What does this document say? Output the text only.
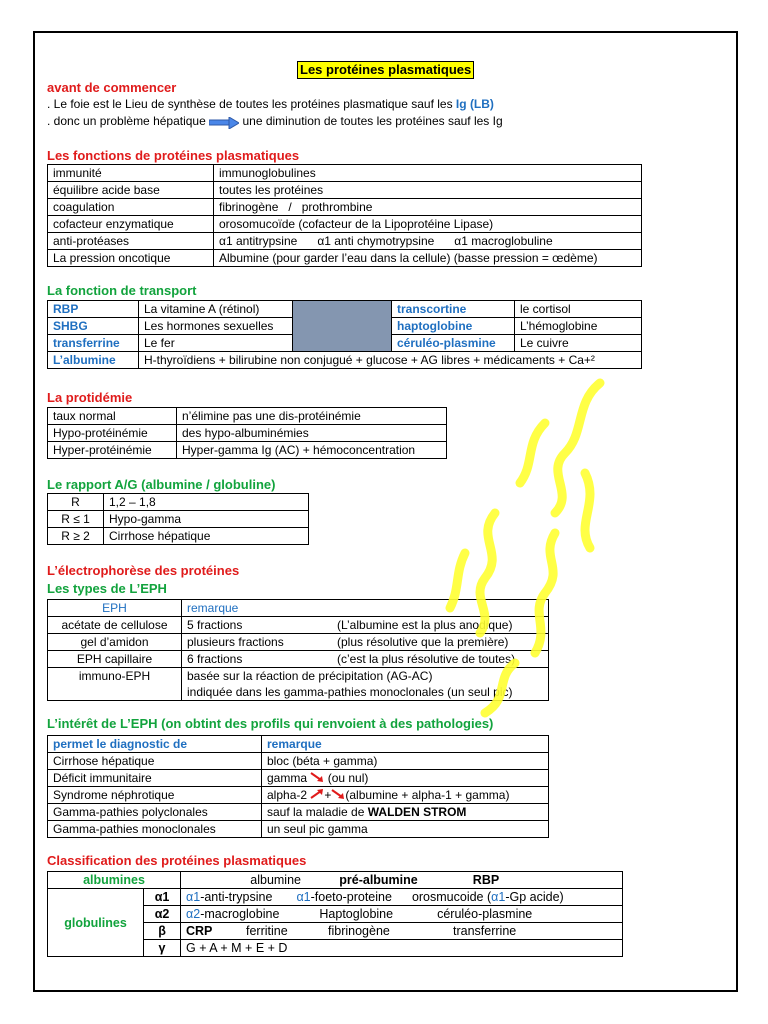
Les protéines plasmatiques
avant de commencer
. Le foie est le Lieu de synthèse de toutes les protéines plasmatique sauf les Ig (LB)
. donc un problème hépatique	une diminution de toutes les protéines sauf les Ig
Les fonctions de protéines plasmatiques
immunité	immunoglobulines
équilibre acide base	toutes les protéines
coagulation	fibrinogène   /   prothrombine
cofacteur enzymatique	orosomucoïde (cofacteur de la Lipoprotéine Lipase)
anti-protéases	α1 antitrypsine      α1 anti chymotrypsine      α1 macroglobuline
La pression oncotique	Albumine (pour garder l’eau dans la cellule) (basse pression = œdème)
La fonction de transport
RBP	La vitamine A (rétinol)		transcortine	le cortisol
SHBG	Les hormones sexuelles		haptoglobine	L’hémoglobine
transferrine	Le fer		céruléo-plasmine	Le cuivre
L’albumine	H-thyroïdiens + bilirubine non conjugué + glucose + AG libres + médicaments + Ca+²			
La protidémie
taux normal	n’élimine pas une dis-protéinémie
Hypo-protéinémie	des hypo-albuminémies
Hyper-protéinémie	Hyper-gamma Ig (AC) + hémoconcentration
Le rapport A/G (albumine / globuline)
R	1,2 – 1,8
R ≤ 1	Hypo-gamma
R ≥ 2	Cirrhose hépatique
L’électrophorèse des protéines
Les types de L’EPH
EPH	remarque	
acétate de cellulose	5 fractions	(L’albumine est la plus anodique)
gel d’amidon	plusieurs fractions	(plus résolutive que la première)
EPH capillaire	6 fractions	(c’est la plus résolutive de toutes)
immuno-EPH	basée sur la réaction de précipitation (AG-AC)
indiquée dans les gamma-pathies monoclonales (un seul pic)	
L’intérêt de L’EPH (on obtint des profils qui renvoient à des pathologies)
permet le diagnostic de	remarque
Cirrhose hépatique	bloc (béta + gamma)
Déficit immunitaire	gamma (ou nul)
Syndrome néphrotique	alpha-2 + (albumine + alpha-1 + gamma)
Gamma-pathies polyclonales	sauf la maladie de WALDEN STROM
Gamma-pathies monoclonales	un seul pic gamma
Classification des protéines plasmatiques
albumines		albumine pré-albumine RBP
globulines	α1	α1-anti-trypsine α1-foeto-proteine orosmucoide (α1-Gp acide)
	α2	α2-macroglobine Haptoglobine céruléo-plasmine
	β	CRP ferritine fibrinogène transferrine
	γ	G + A + M + E + D
